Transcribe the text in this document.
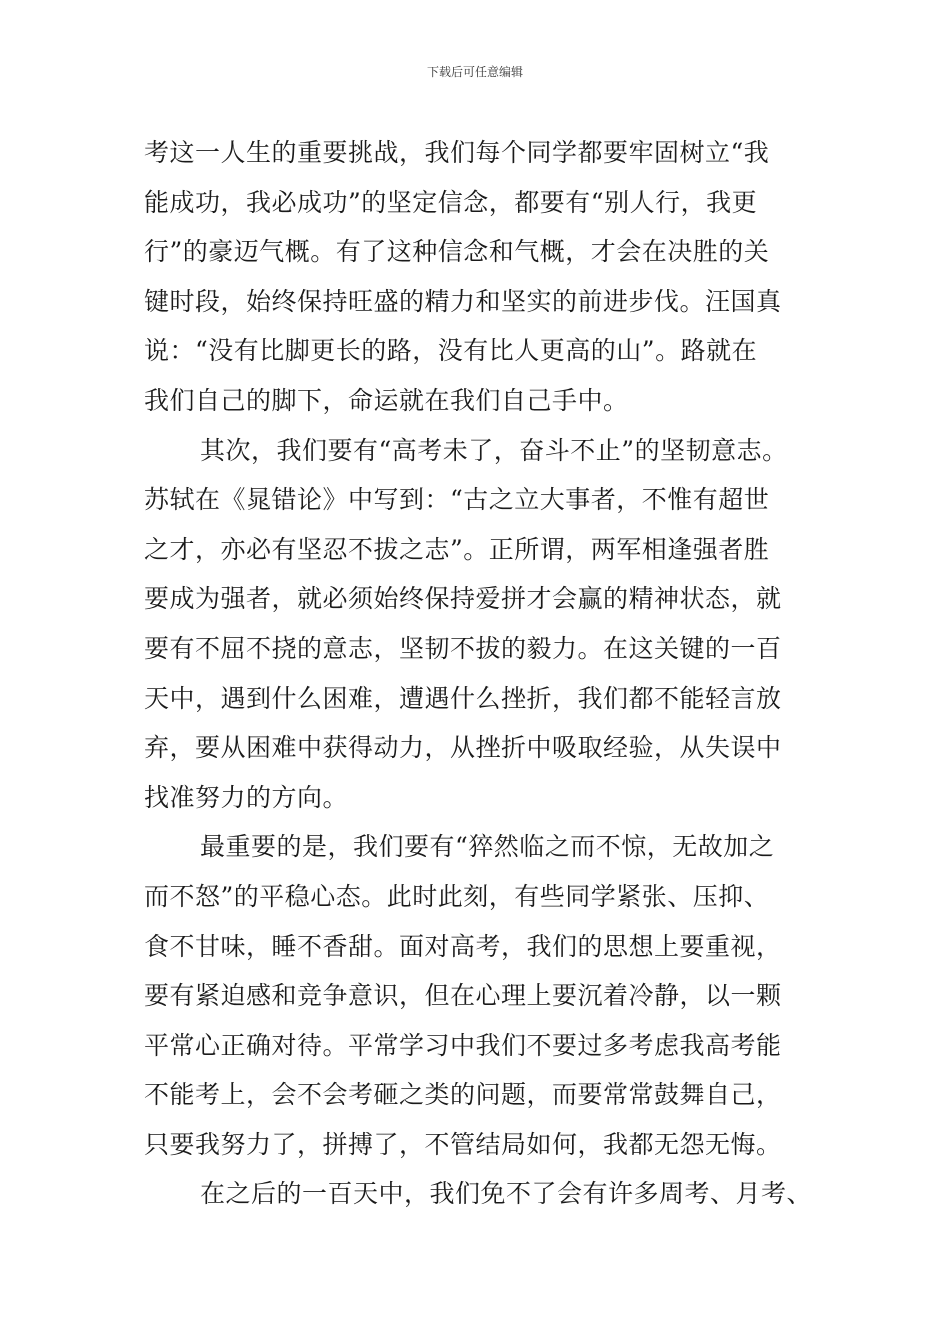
下载后可任意编辑
考这一人生的重要挑战，我们每个同学都要牢固树立“我
能成功，我必成功”的坚定信念，都要有“别人行，我更
行”的豪迈气概。有了这种信念和气概，才会在决胜的关
键时段，始终保持旺盛的精力和坚实的前进步伐。汪国真
说：“没有比脚更长的路，没有比人更高的山”。路就在
我们自己的脚下，命运就在我们自己手中。
其次，我们要有“高考未了，奋斗不止”的坚韧意志。
苏轼在《晁错论》中写到：“古之立大事者，不惟有超世
之才，亦必有坚忍不拔之志”。正所谓，两军相逢强者胜
要成为强者，就必须始终保持爱拼才会赢的精神状态，就
要有不屈不挠的意志，坚韧不拔的毅力。在这关键的一百
天中，遇到什么困难，遭遇什么挫折，我们都不能轻言放
弃，要从困难中获得动力，从挫折中吸取经验，从失误中
找准努力的方向。
最重要的是，我们要有“猝然临之而不惊，无故加之
而不怒”的平稳心态。此时此刻，有些同学紧张、压抑、
食不甘味，睡不香甜。面对高考，我们的思想上要重视，
要有紧迫感和竞争意识，但在心理上要沉着冷静，以一颗
平常心正确对待。平常学习中我们不要过多考虑我高考能
不能考上，会不会考砸之类的问题，而要常常鼓舞自己，
只要我努力了，拼搏了，不管结局如何，我都无怨无悔。
在之后的一百天中，我们免不了会有许多周考、月考、
